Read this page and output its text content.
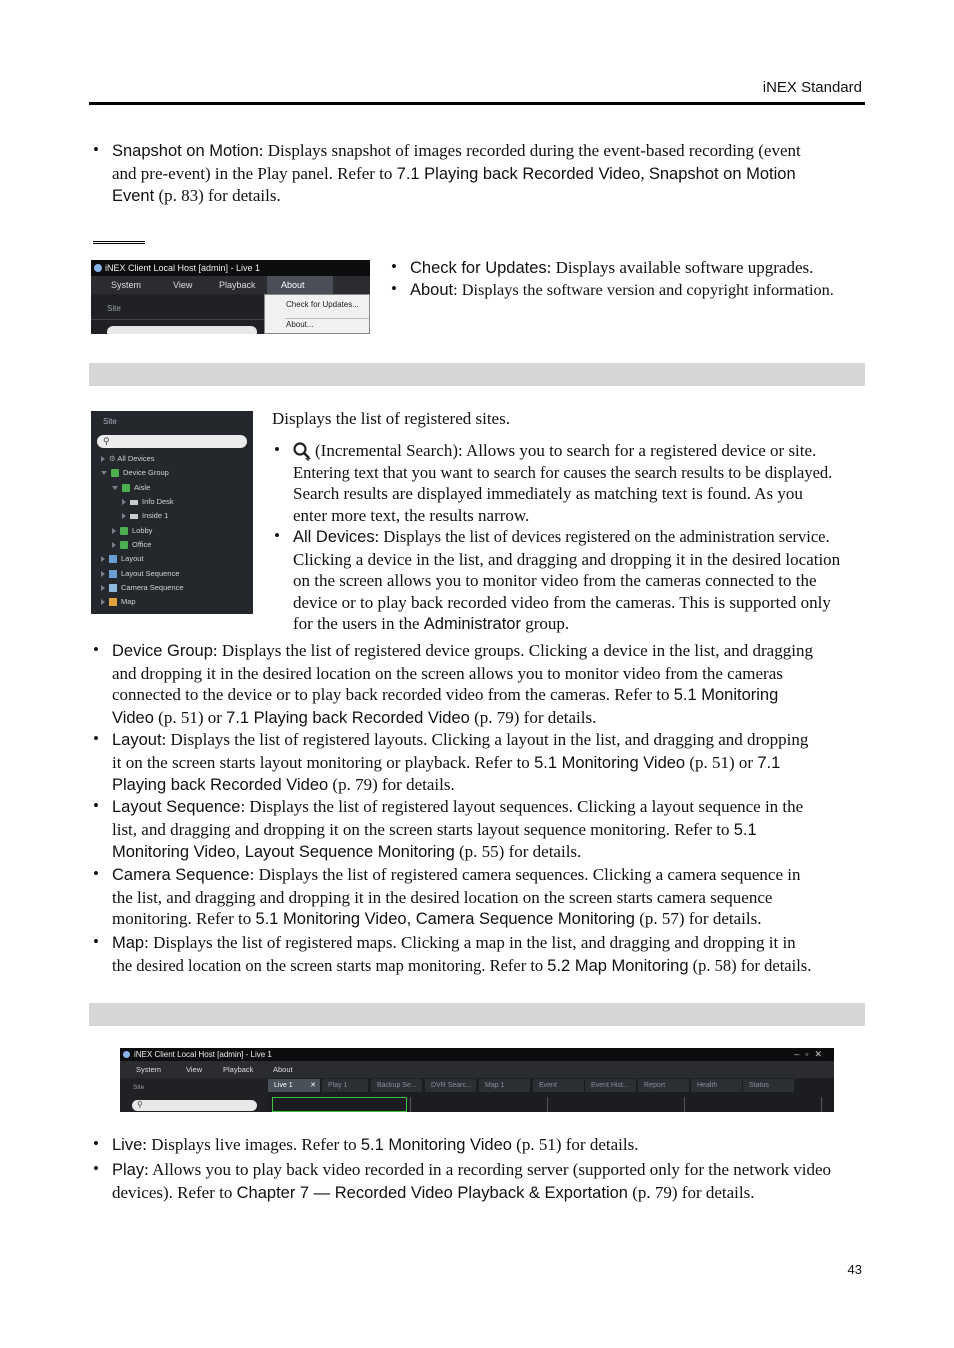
iNEX Standard
• Snapshot on Motion: Displays snapshot of images recorded during the event-based recording (event
and pre-event) in the Play panel. Refer to 7.1 Playing back Recorded Video, Snapshot on Motion
Event (p. 83) for details.
iNEX Client Local Host [admin] - Live 1
System	View	Playback	About
Site	Check for Updates...
About...
• Check for Updates: Displays available software upgrades.
• About: Displays the software version and copyright information.
Site
⚲
⚙ All Devices
Device Group
Aisle
Info Desk
Inside 1
Lobby
Office
Layout
Layout Sequence
Camera Sequence
Map
Displays the list of registered sites.
•	(Incremental Search): Allows you to search for a registered device or site.
Entering text that you want to search for causes the search results to be displayed.
Search results are displayed immediately as matching text is found. As you
enter more text, the results narrow.
• All Devices: Displays the list of devices registered on the administration service.
Clicking a device in the list, and dragging and dropping it in the desired location
on the screen allows you to monitor video from the cameras connected to the
device or to play back recorded video from the cameras. This is supported only
for the users in the Administrator group.
• Device Group: Displays the list of registered device groups. Clicking a device in the list, and dragging
and dropping it in the desired location on the screen allows you to monitor video from the cameras
connected to the device or to play back recorded video from the cameras. Refer to 5.1 Monitoring
Video (p. 51) or 7.1 Playing back Recorded Video (p. 79) for details.
• Layout: Displays the list of registered layouts. Clicking a layout in the list, and dragging and dropping
it on the screen starts layout monitoring or playback. Refer to 5.1 Monitoring Video (p. 51) or 7.1
Playing back Recorded Video (p. 79) for details.
• Layout Sequence: Displays the list of registered layout sequences. Clicking a layout sequence in the
list, and dragging and dropping it on the screen starts layout sequence monitoring. Refer to 5.1
Monitoring Video, Layout Sequence Monitoring (p. 55) for details.
• Camera Sequence: Displays the list of registered camera sequences. Clicking a camera sequence in
the list, and dragging and dropping it in the desired location on the screen starts camera sequence
monitoring. Refer to 5.1 Monitoring Video, Camera Sequence Monitoring (p. 57) for details.
• Map: Displays the list of registered maps. Clicking a map in the list, and dragging and dropping it in
the desired location on the screen starts map monitoring. Refer to 5.2 Map Monitoring (p. 58) for details.
iNEX Client Local Host [admin] - Live 1	–▫✕
System	View	Playback	About
Site
⚲
Live 1 ✕	Play 1	Backup Se...	DVR Searc...	Map 1	Event	Event Hist...	Report	Health	Status
• Live: Displays live images. Refer to 5.1 Monitoring Video (p. 51) for details.
• Play: Allows you to play back video recorded in a recording server (supported only for the network video
devices). Refer to Chapter 7 — Recorded Video Playback & Exportation (p. 79) for details.
43
